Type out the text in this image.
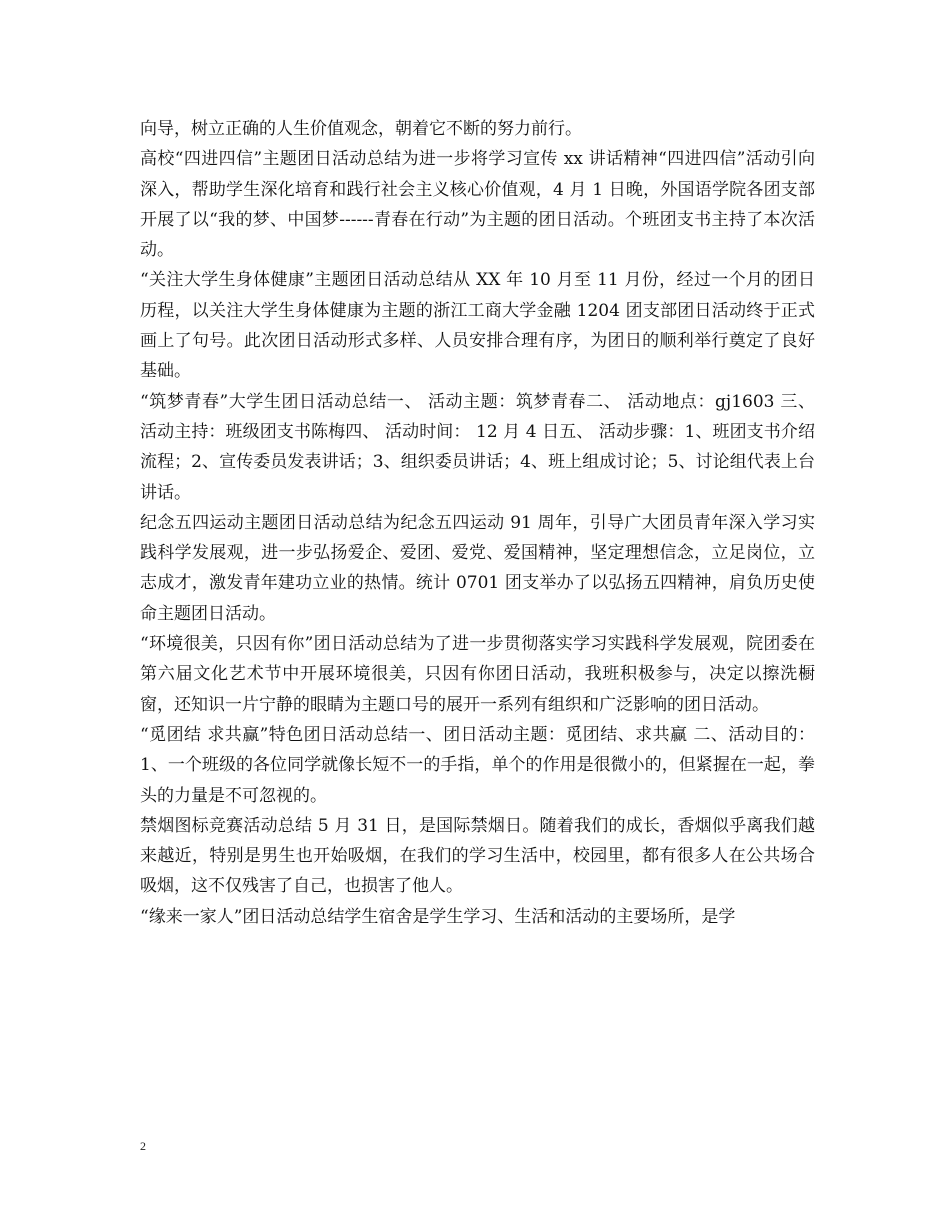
向导，树立正确的人生价值观念，朝着它不断的努力前行。

高校“四进四信”主题团日活动总结为进一步将学习宣传 xx 讲话精神“四进四信”活动引向深入，帮助学生深化培育和践行社会主义核心价值观，4 月 1 日晚，外国语学院各团支部开展了以“我的梦、中国梦------青春在行动”为主题的团日活动。个班团支书主持了本次活动。

“关注大学生身体健康”主题团日活动总结从 XX 年 10 月至 11 月份，经过一个月的团日历程，以关注大学生身体健康为主题的浙江工商大学金融 1204 团支部团日活动终于正式画上了句号。此次团日活动形式多样、人员安排合理有序，为团日的顺利举行奠定了良好基础。

“筑梦青春”大学生团日活动总结一、 活动主题：筑梦青春二、 活动地点：gj1603 三、 活动主持：班级团支书陈梅四、 活动时间： 12 月 4 日五、 活动步骤：1、班团支书介绍流程；2、宣传委员发表讲话；3、组织委员讲话；4、班上组成讨论；5、讨论组代表上台讲话。

纪念五四运动主题团日活动总结为纪念五四运动 91 周年，引导广大团员青年深入学习实践科学发展观，进一步弘扬爱企、爱团、爱党、爱国精神，坚定理想信念，立足岗位，立志成才，激发青年建功立业的热情。统计 0701 团支举办了以弘扬五四精神，肩负历史使命主题团日活动。

“环境很美，只因有你”团日活动总结为了进一步贯彻落实学习实践科学发展观，院团委在第六届文化艺术节中开展环境很美，只因有你团日活动，我班积极参与，决定以擦洗橱窗，还知识一片宁静的眼睛为主题口号的展开一系列有组织和广泛影响的团日活动。

“觅团结 求共赢”特色团日活动总结一、团日活动主题：觅团结、求共赢 二、活动目的：1、一个班级的各位同学就像长短不一的手指，单个的作用是很微小的，但紧握在一起，拳头的力量是不可忽视的。

禁烟图标竞赛活动总结 5 月 31 日，是国际禁烟日。随着我们的成长，香烟似乎离我们越来越近，特别是男生也开始吸烟，在我们的学习生活中，校园里，都有很多人在公共场合吸烟，这不仅残害了自己，也损害了他人。

“缘来一家人”团日活动总结学生宿舍是学生学习、生活和活动的主要场所，是学

2
